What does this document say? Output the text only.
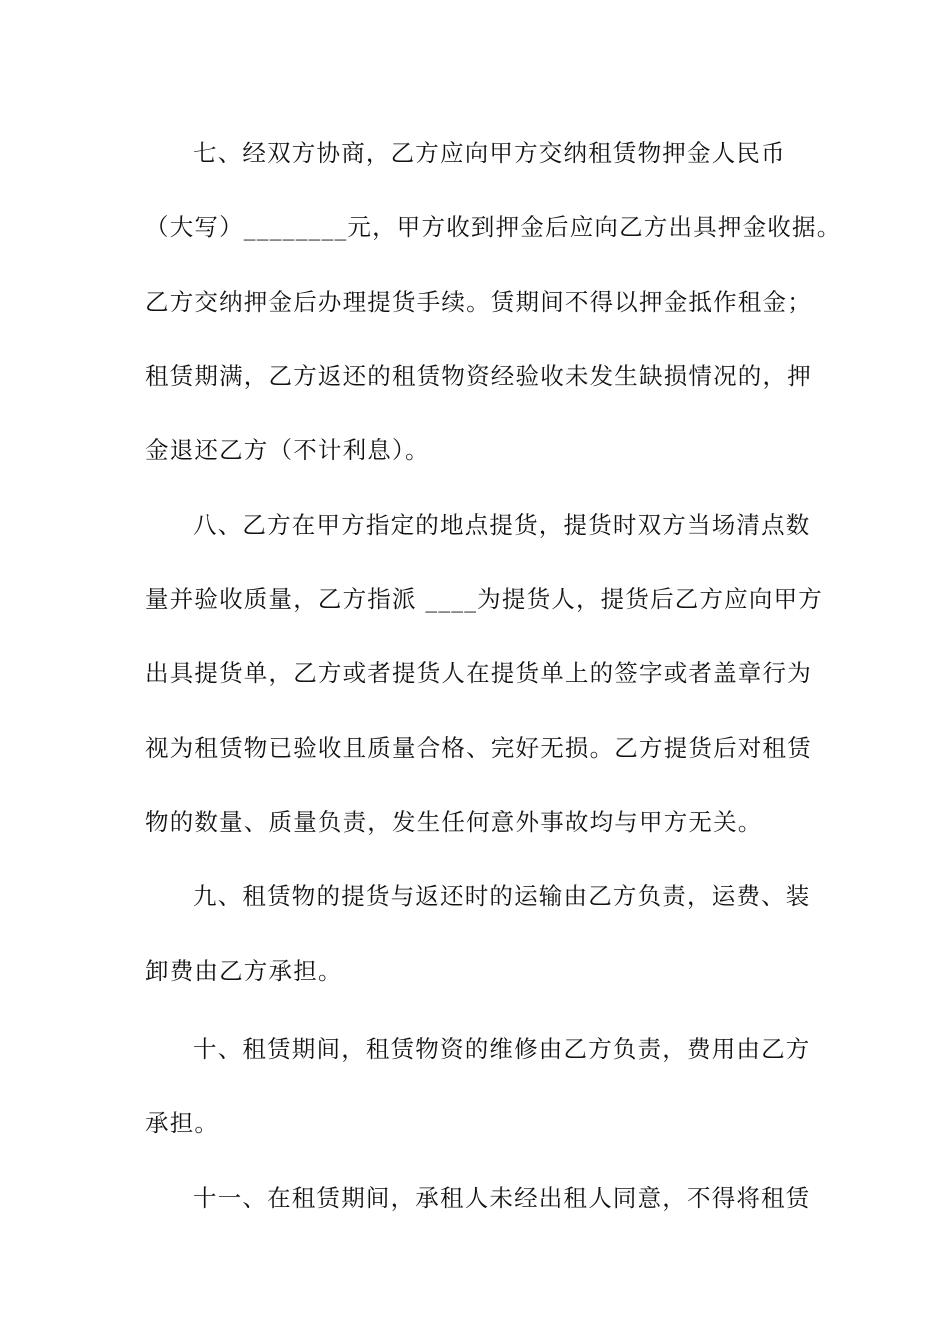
七、经双方协商，乙方应向甲方交纳租赁物押金人民币
（大写）________元，甲方收到押金后应向乙方出具押金收据。
乙方交纳押金后办理提货手续。赁期间不得以押金抵作租金；
租赁期满，乙方返还的租赁物资经验收未发生缺损情况的，押
金退还乙方（不计利息）。
八、乙方在甲方指定的地点提货，提货时双方当场清点数
量并验收质量，乙方指派 ____为提货人，提货后乙方应向甲方
出具提货单，乙方或者提货人在提货单上的签字或者盖章行为
视为租赁物已验收且质量合格、完好无损。乙方提货后对租赁
物的数量、质量负责，发生任何意外事故均与甲方无关。
九、租赁物的提货与返还时的运输由乙方负责，运费、装
卸费由乙方承担。
十、租赁期间，租赁物资的维修由乙方负责，费用由乙方
承担。
十一、在租赁期间，承租人未经出租人同意，不得将租赁
